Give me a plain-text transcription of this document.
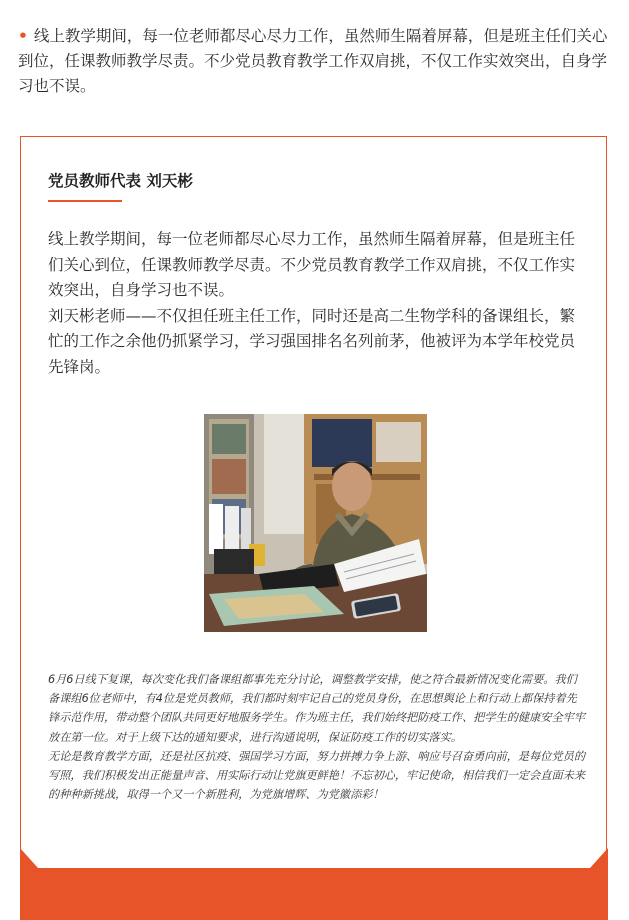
• 线上教学期间，每一位老师都尽心尽力工作，虽然师生隔着屏幕，但是班主任们关心到位，任课教师教学尽责。不少党员教育教学工作双肩挑，不仅工作实效突出，自身学习也不误。
党员教师代表 刘天彬

线上教学期间，每一位老师都尽心尽力工作，虽然师生隔着屏幕，但是班主任们关心到位，任课教师教学尽责。不少党员教育教学工作双肩挑，不仅工作实效突出，自身学习也不误。

刘天彬老师——不仅担任班主任工作，同时还是高二生物学科的备课组长，繁忙的工作之余他仍抓紧学习，学习强国排名名列前茅，他被评为本学年校党员先锋岗。

6月6日线下复课，每次变化我们备课组都事先充分讨论，调整教学安排，使之符合最新情况变化需要。我们备课组6位老师中，有4位是党员教师，我们都时刻牢记自己的党员身份，在思想舆论上和行动上都保持着先锋示范作用，带动整个团队共同更好地服务学生。作为班主任，我们始终把防疫工作、把学生的健康安全牢牢放在第一位。对于上级下达的通知要求，进行沟通说明，保证防疫工作的切实落实。

无论是教育教学方面，还是社区抗疫、强国学习方面，努力拼搏力争上游、响应号召奋勇向前，是每位党员的写照，我们积极发出正能量声音、用实际行动让党旗更鲜艳！不忘初心，牢记使命，相信我们一定会直面未来的种种新挑战，取得一个又一个新胜利，为党旗增辉、为党徽添彩！
